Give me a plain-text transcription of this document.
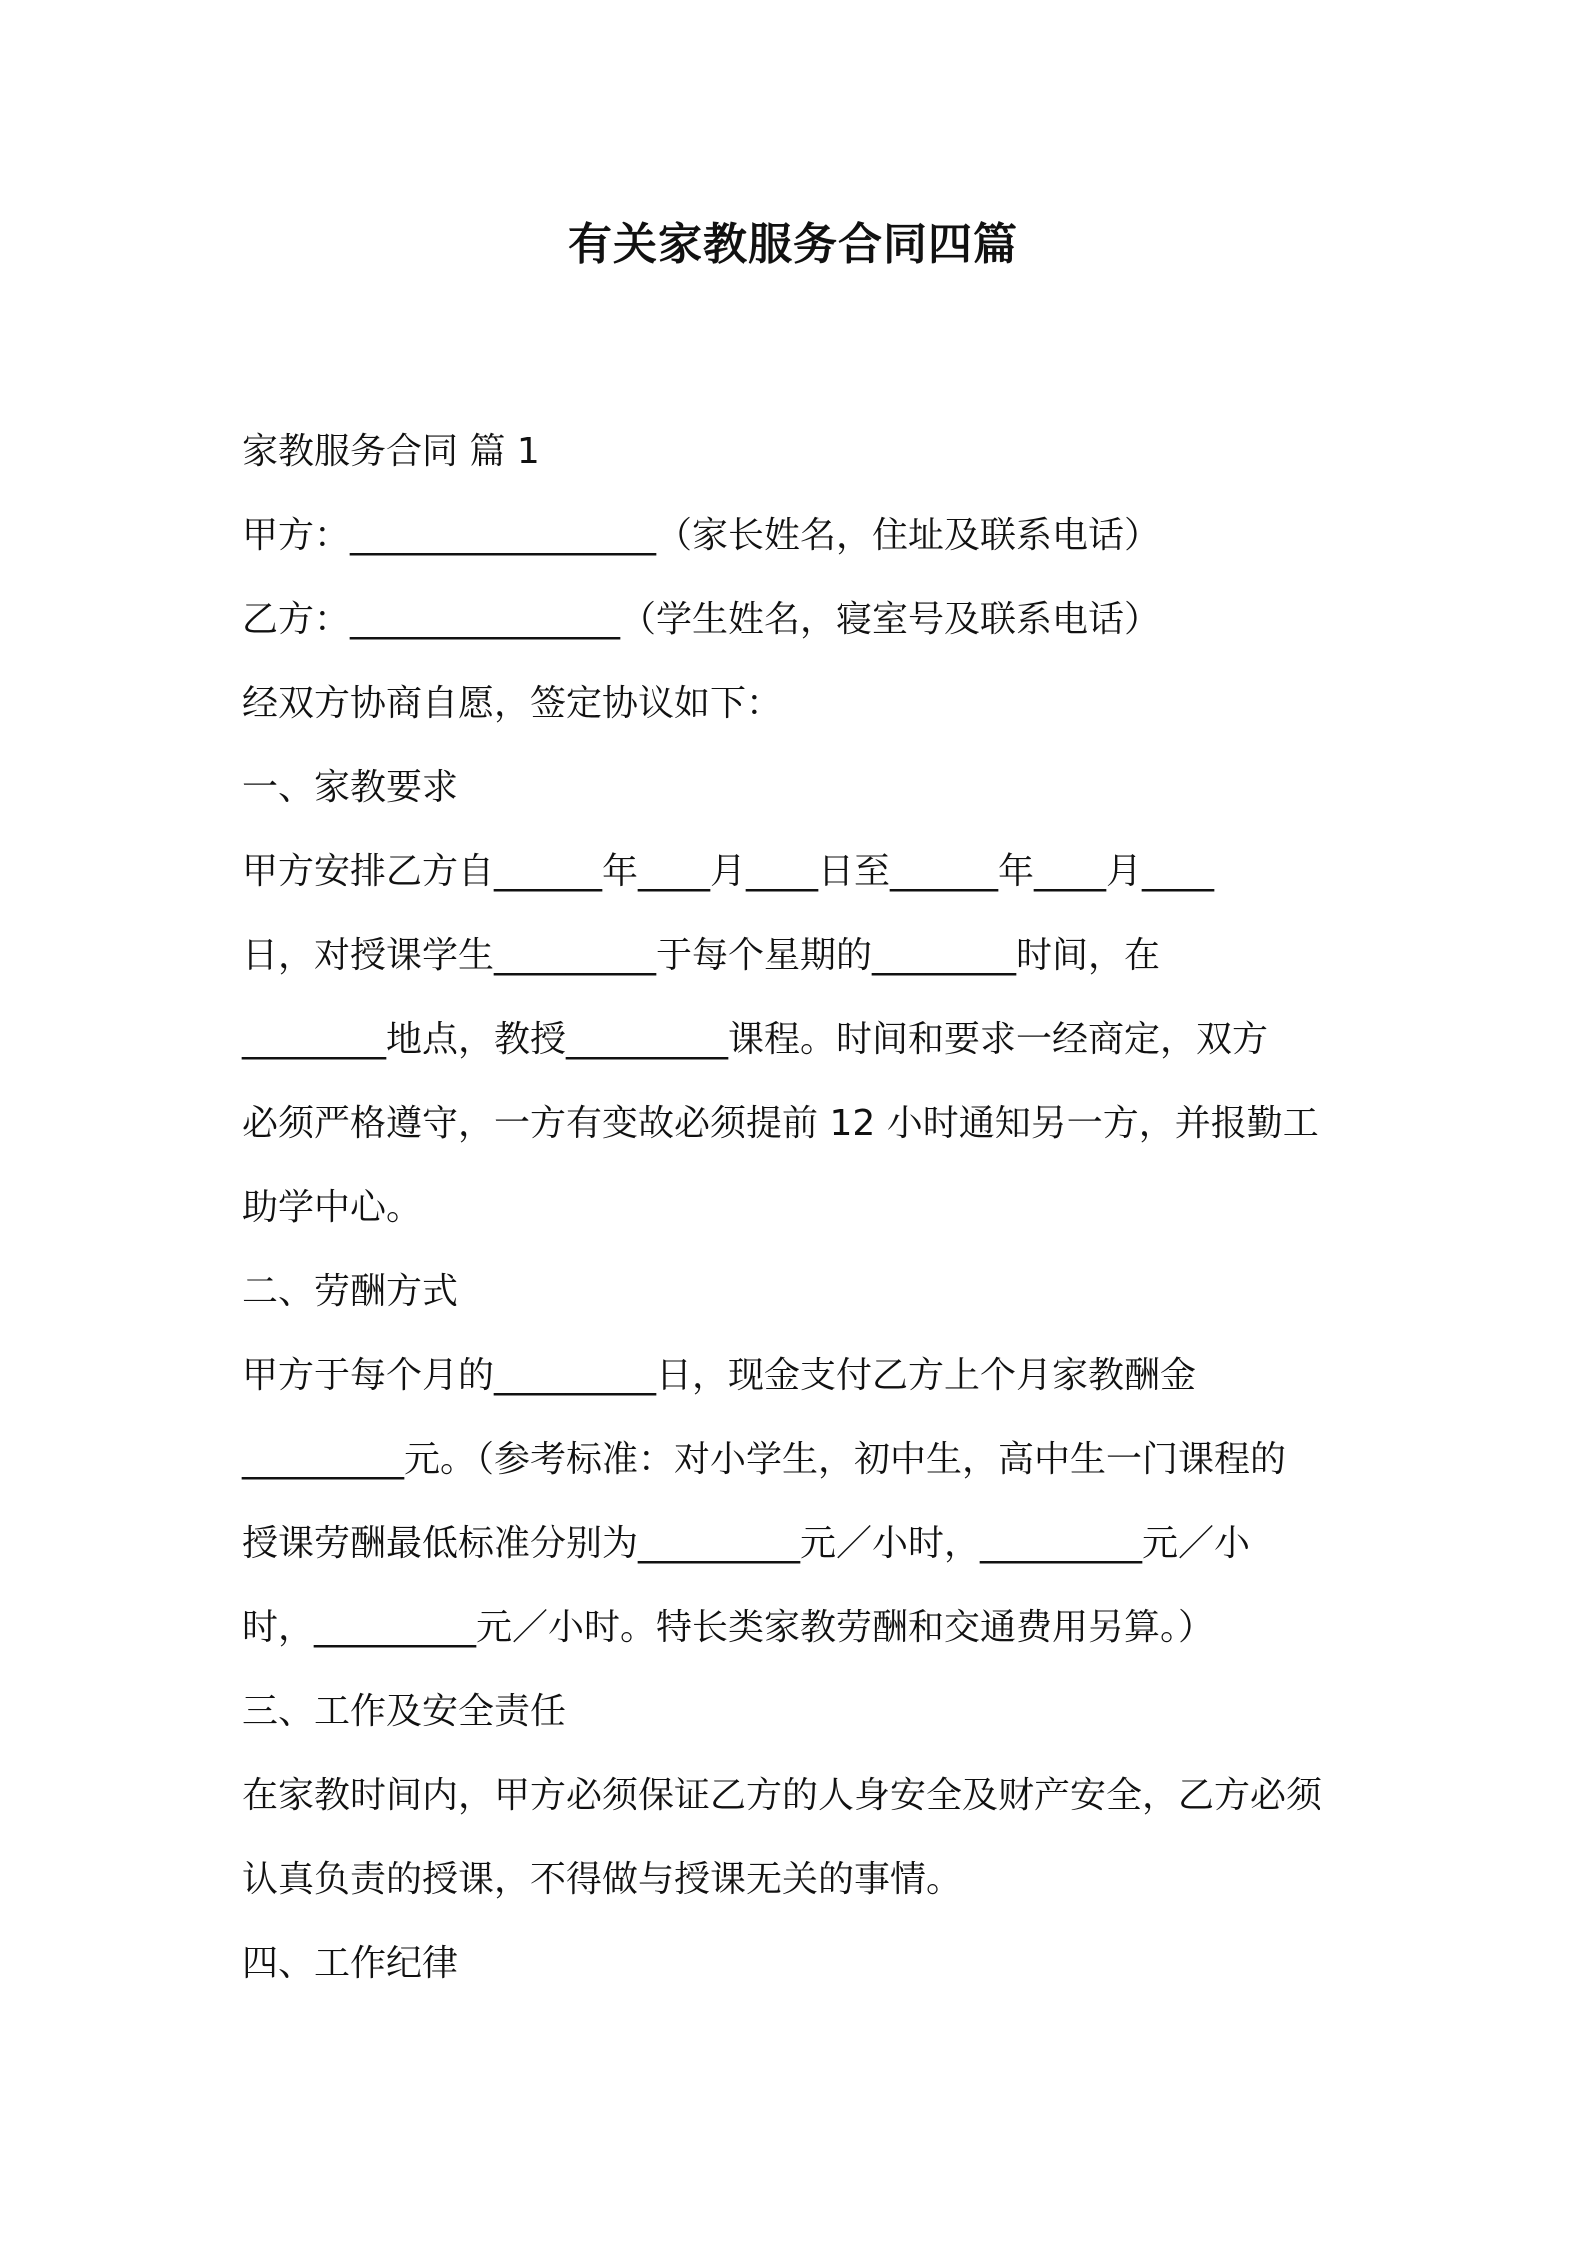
有关家教服务合同四篇
家教服务合同 篇 1
甲方：_________________（家长姓名，住址及联系电话）
乙方：_______________（学生姓名，寝室号及联系电话）
经双方协商自愿，签定协议如下：
一、家教要求
甲方安排乙方自______年____月____日至______年____月____
日，对授课学生_________于每个星期的________时间，在
________地点，教授_________课程。时间和要求一经商定，双方
必须严格遵守，一方有变故必须提前 12 小时通知另一方，并报勤工
助学中心。
二、劳酬方式
甲方于每个月的_________日，现金支付乙方上个月家教酬金
_________元。（参考标准：对小学生，初中生，高中生一门课程的
授课劳酬最低标准分别为_________元／小时，_________元／小
时，_________元／小时。特长类家教劳酬和交通费用另算。）
三、工作及安全责任
在家教时间内，甲方必须保证乙方的人身安全及财产安全，乙方必须
认真负责的授课，不得做与授课无关的事情。
四、工作纪律
